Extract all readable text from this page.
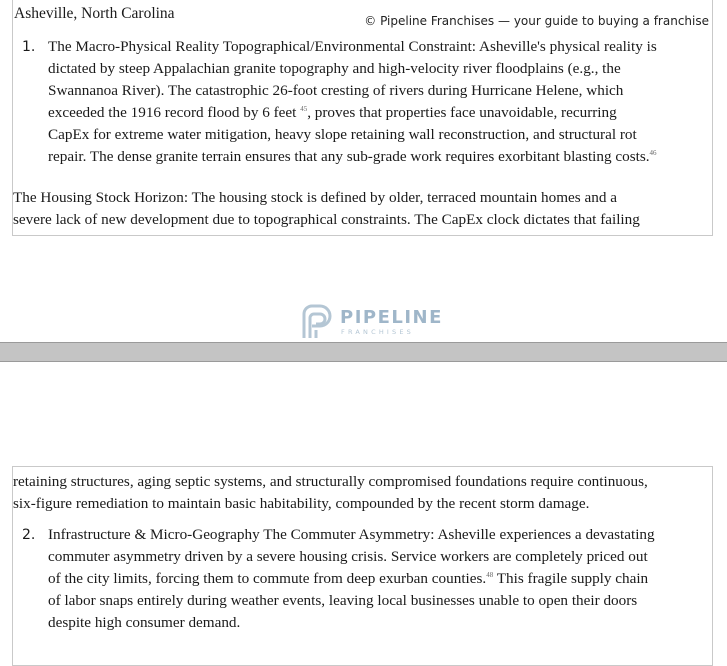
Asheville, North Carolina
1. The Macro-Physical Reality Topographical/Environmental Constraint: Asheville's physical reality is
dictated by steep Appalachian granite topography and high-velocity river floodplains (e.g., the
Swannanoa River). The catastrophic 26-foot cresting of rivers during Hurricane Helene, which
exceeded the 1916 record flood by 6 feet $^{45}$, proves that properties face unavoidable, recurring
CapEx for extreme water mitigation, heavy slope retaining wall reconstruction, and structural rot
repair. The dense granite terrain ensures that any sub-grade work requires exorbitant blasting costs.$^{46}$
The Housing Stock Horizon: The housing stock is defined by older, terraced mountain homes and a
severe lack of new development due to topographical constraints. The CapEx clock dictates that failing
© Pipeline Franchises — your guide to buying a franchise
PIPELINE
FRANCHISES
retaining structures, aging septic systems, and structurally compromised foundations require continuous,
six-figure remediation to maintain basic habitability, compounded by the recent storm damage.
2. Infrastructure & Micro-Geography The Commuter Asymmetry: Asheville experiences a devastating
commuter asymmetry driven by a severe housing crisis. Service workers are completely priced out
of the city limits, forcing them to commute from deep exurban counties.$^{48}$ This fragile supply chain
of labor snaps entirely during weather events, leaving local businesses unable to open their doors
despite high consumer demand.
